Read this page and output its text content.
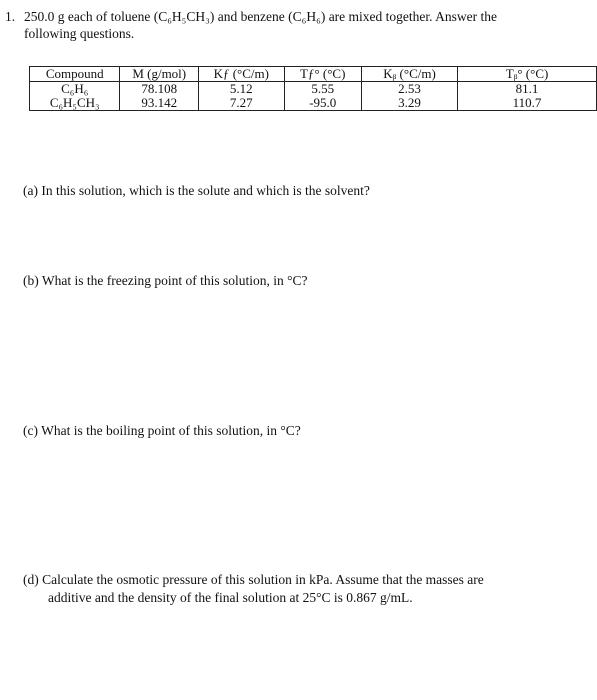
1. 250.0 g each of toluene (C₆H₅CH₃) and benzene (C₆H₆) are mixed together. Answer the
following questions.
Compound	M (g/mol)	Kƒ (°C/m)	Tƒ° (°C)	Kᵦ (°C/m)	Tᵦ° (°C)
C₆H₆	78.108	5.12	5.55	2.53	81.1
C₆H₅CH₃	93.142	7.27	-95.0	3.29	110.7
(a) In this solution, which is the solute and which is the solvent?
(b) What is the freezing point of this solution, in °C?
(c) What is the boiling point of this solution, in °C?
(d) Calculate the osmotic pressure of this solution in kPa. Assume that the masses are
additive and the density of the final solution at 25°C is 0.867 g/mL.
